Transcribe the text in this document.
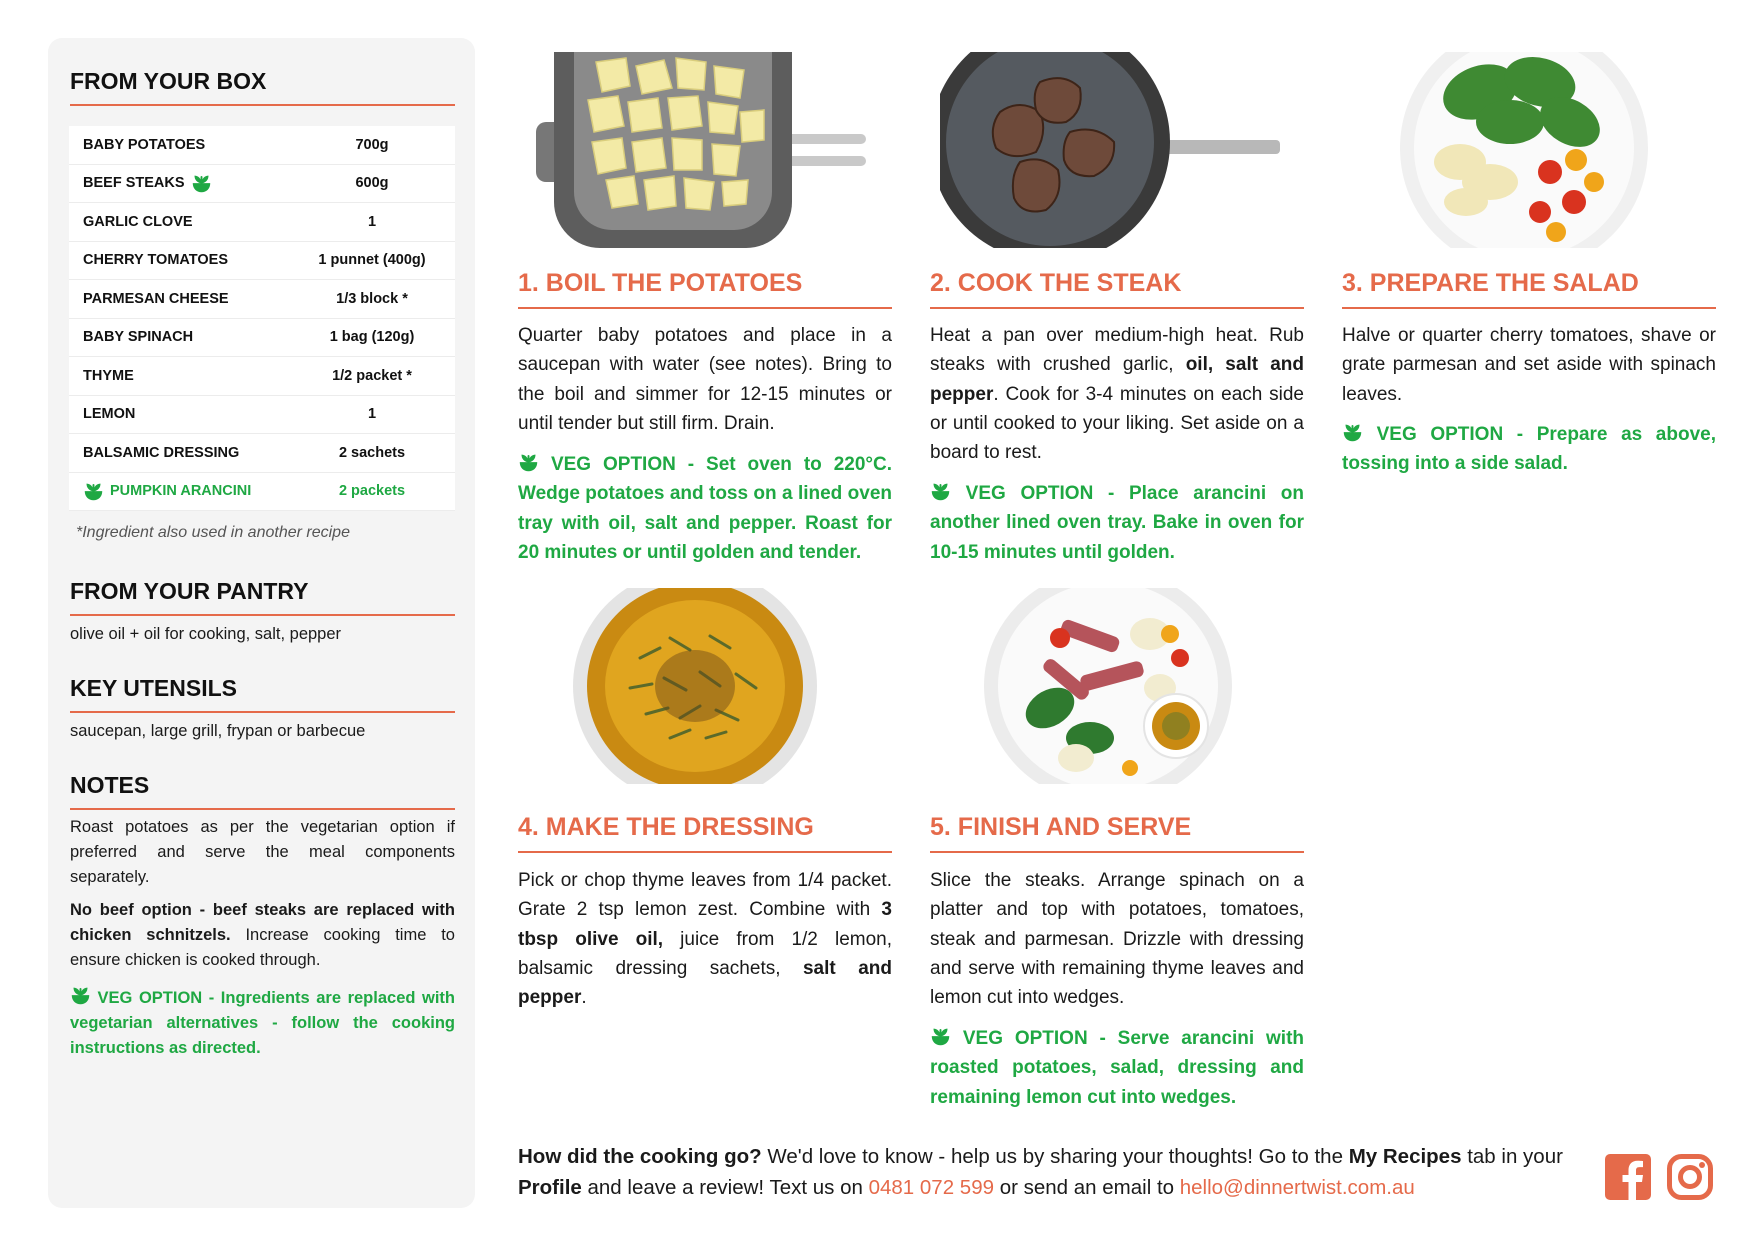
FROM YOUR BOX
BABY POTATOES	700g
BEEF STEAKS	600g
GARLIC CLOVE	1
CHERRY TOMATOES	1 punnet (400g)
PARMESAN CHEESE	1/3 block *
BABY SPINACH	1 bag (120g)
THYME	1/2 packet *
LEMON	1
BALSAMIC DRESSING	2 sachets
PUMPKIN ARANCINI	2 packets
*Ingredient also used in another recipe
FROM YOUR PANTRY
olive oil + oil for cooking, salt, pepper
KEY UTENSILS
saucepan, large grill, frypan or barbecue
NOTES
Roast potatoes as per the vegetarian option if preferred and serve the meal components separately.
No beef option - beef steaks are replaced with chicken schnitzels. Increase cooking time to ensure chicken is cooked through.
VEG OPTION - Ingredients are replaced with vegetarian alternatives - follow the cooking instructions as directed.
1. BOIL THE POTATOES
Quarter baby potatoes and place in a saucepan with water (see notes). Bring to the boil and simmer for 12-15 minutes or until tender but still firm. Drain.
VEG OPTION - Set oven to 220°C. Wedge potatoes and toss on a lined oven tray with oil, salt and pepper. Roast for 20 minutes or until golden and tender.
2. COOK THE STEAK
Heat a pan over medium-high heat. Rub steaks with crushed garlic, oil, salt and pepper. Cook for 3-4 minutes on each side or until cooked to your liking. Set aside on a board to rest.
VEG OPTION - Place arancini on another lined oven tray. Bake in oven for 10-15 minutes until golden.
3. PREPARE THE SALAD
Halve or quarter cherry tomatoes, shave or grate parmesan and set aside with spinach leaves.
VEG OPTION - Prepare as above, tossing into a side salad.
4. MAKE THE DRESSING
Pick or chop thyme leaves from 1/4 packet. Grate 2 tsp lemon zest. Combine with 3 tbsp olive oil, juice from 1/2 lemon, balsamic dressing sachets, salt and pepper.
5. FINISH AND SERVE
Slice the steaks. Arrange spinach on a platter and top with potatoes, tomatoes, steak and parmesan. Drizzle with dressing and serve with remaining thyme leaves and lemon cut into wedges.
VEG OPTION - Serve arancini with roasted potatoes, salad, dressing and remaining lemon cut into wedges.
How did the cooking go? We'd love to know - help us by sharing your thoughts! Go to the My Recipes tab in your Profile and leave a review! Text us on 0481 072 599 or send an email to hello@dinnertwist.com.au
